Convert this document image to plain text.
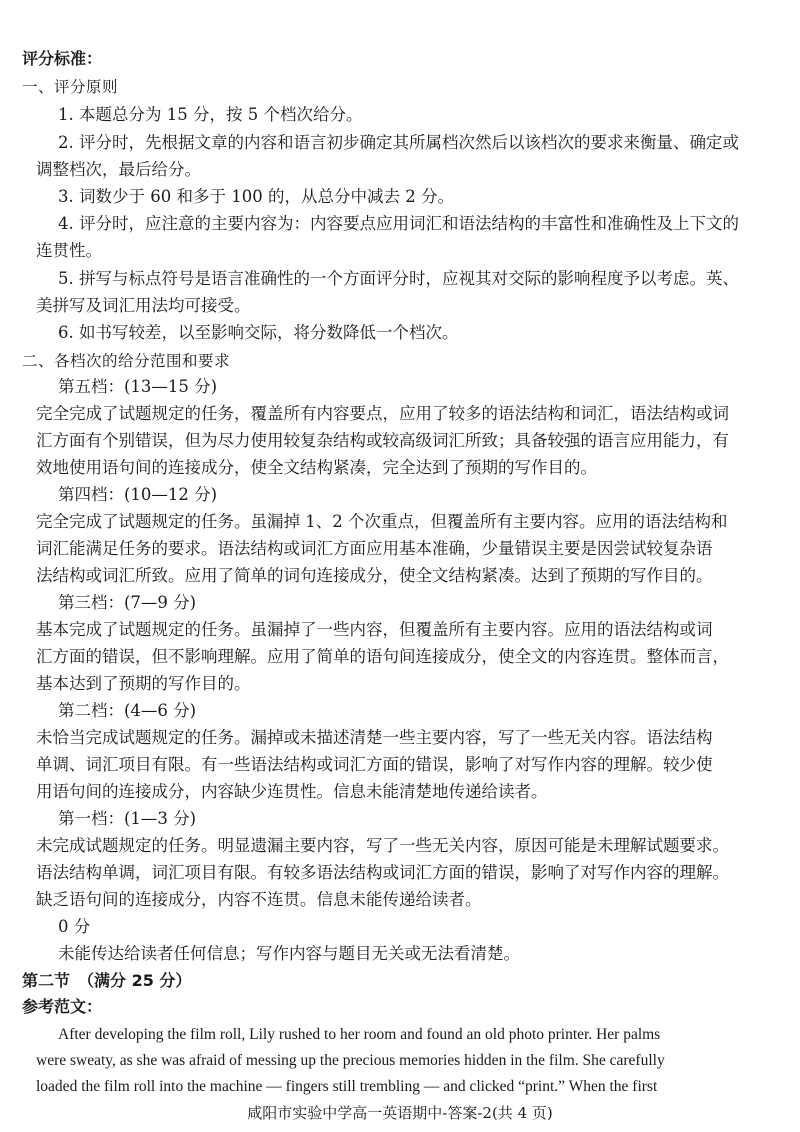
评分标准：
一、评分原则
1. 本题总分为 15 分，按 5 个档次给分。
2. 评分时，先根据文章的内容和语言初步确定其所属档次然后以该档次的要求来衡量、确定或
调整档次，最后给分。
3. 词数少于 60 和多于 100 的，从总分中减去 2 分。
4. 评分时，应注意的主要内容为：内容要点应用词汇和语法结构的丰富性和准确性及上下文的
连贯性。
5. 拼写与标点符号是语言准确性的一个方面评分时，应视其对交际的影响程度予以考虑。英、
美拼写及词汇用法均可接受。
6. 如书写较差，以至影响交际，将分数降低一个档次。
二、各档次的给分范围和要求
第五档：(13—15 分)
完全完成了试题规定的任务，覆盖所有内容要点，应用了较多的语法结构和词汇，语法结构或词
汇方面有个别错误，但为尽力使用较复杂结构或较高级词汇所致；具备较强的语言应用能力，有
效地使用语句间的连接成分，使全文结构紧凑，完全达到了预期的写作目的。
第四档：(10—12 分)
完全完成了试题规定的任务。虽漏掉 1、2 个次重点，但覆盖所有主要内容。应用的语法结构和
词汇能满足任务的要求。语法结构或词汇方面应用基本准确，少量错误主要是因尝试较复杂语
法结构或词汇所致。应用了简单的词句连接成分，使全文结构紧凑。达到了预期的写作目的。
第三档：(7—9 分)
基本完成了试题规定的任务。虽漏掉了一些内容，但覆盖所有主要内容。应用的语法结构或词
汇方面的错误，但不影响理解。应用了简单的语句间连接成分，使全文的内容连贯。整体而言，
基本达到了预期的写作目的。
第二档：(4—6 分)
未恰当完成试题规定的任务。漏掉或未描述清楚一些主要内容，写了一些无关内容。语法结构
单调、词汇项目有限。有一些语法结构或词汇方面的错误，影响了对写作内容的理解。较少使
用语句间的连接成分，内容缺少连贯性。信息未能清楚地传递给读者。
第一档：(1—3 分)
未完成试题规定的任务。明显遗漏主要内容，写了一些无关内容，原因可能是未理解试题要求。
语法结构单调，词汇项目有限。有较多语法结构或词汇方面的错误，影响了对写作内容的理解。
缺乏语句间的连接成分，内容不连贯。信息未能传递给读者。
0 分
未能传达给读者任何信息；写作内容与题目无关或无法看清楚。
第二节　（满分 25 分）
参考范文：
After developing the film roll, Lily rushed to her room and found an old photo printer. Her palms
were sweaty, as she was afraid of messing up the precious memories hidden in the film. She carefully
loaded the film roll into the machine — fingers still trembling — and clicked “print.” When the first
咸阳市实验中学高一英语期中-答案-2(共 4 页)
